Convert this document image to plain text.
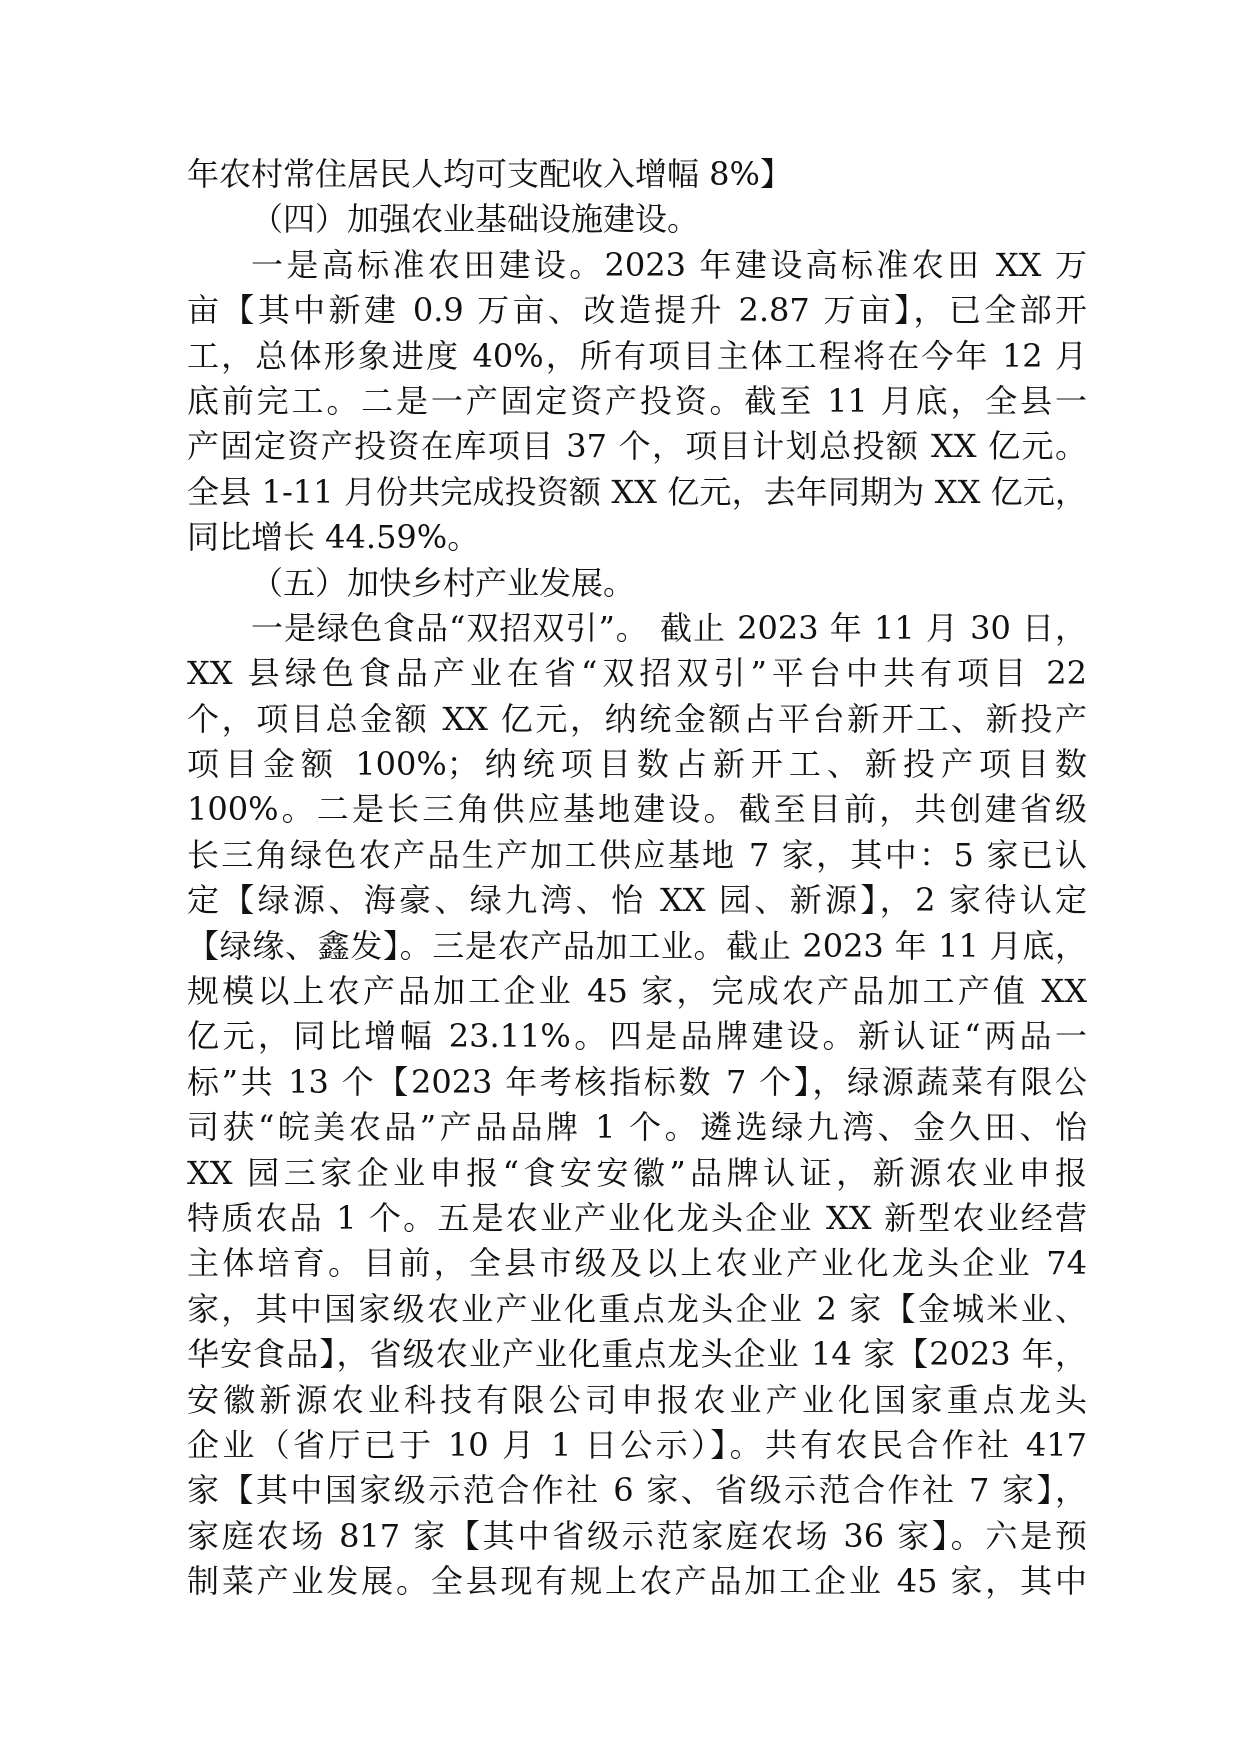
年农村常住居民人均可支配收入增幅 8%】
（四）加强农业基础设施建设。
一是高标准农田建设。2023 年建设高标准农田 XX 万
亩【其中新建 0.9 万亩、改造提升 2.87 万亩】，已全部开
工，总体形象进度 40%，所有项目主体工程将在今年 12 月
底前完工。二是一产固定资产投资。截至 11 月底，全县一
产固定资产投资在库项目 37 个，项目计划总投额 XX 亿元。
全县 1-11 月份共完成投资额 XX 亿元，去年同期为 XX 亿元，
同比增长 44.59%。
（五）加快乡村产业发展。
一是绿色食品“双招双引”。 截止 2023 年 11 月 30 日，
XX 县绿色食品产业在省“双招双引”平台中共有项目 22
个，项目总金额 XX 亿元，纳统金额占平台新开工、新投产
项目金额 100%；纳统项目数占新开工、新投产项目数
100%。二是长三角供应基地建设。截至目前，共创建省级
长三角绿色农产品生产加工供应基地 7 家，其中：5 家已认
定【绿源、海豪、绿九湾、怡 XX 园、新源】，2 家待认定
【绿缘、鑫发】。三是农产品加工业。截止 2023 年 11 月底，
规模以上农产品加工企业 45 家，完成农产品加工产值 XX
亿元，同比增幅 23.11%。四是品牌建设。新认证“两品一
标”共 13 个【2023 年考核指标数 7 个】，绿源蔬菜有限公
司获“皖美农品”产品品牌 1 个。遴选绿九湾、金久田、怡
XX 园三家企业申报“食安安徽”品牌认证，新源农业申报
特质农品 1 个。五是农业产业化龙头企业 XX 新型农业经营
主体培育。目前，全县市级及以上农业产业化龙头企业 74
家，其中国家级农业产业化重点龙头企业 2 家【金城米业、
华安食品】，省级农业产业化重点龙头企业 14 家【2023 年，
安徽新源农业科技有限公司申报农业产业化国家重点龙头
企业（省厅已于 10 月 1 日公示）】。共有农民合作社 417
家【其中国家级示范合作社 6 家、省级示范合作社 7 家】，
家庭农场 817 家【其中省级示范家庭农场 36 家】。六是预
制菜产业发展。全县现有规上农产品加工企业 45 家，其中
